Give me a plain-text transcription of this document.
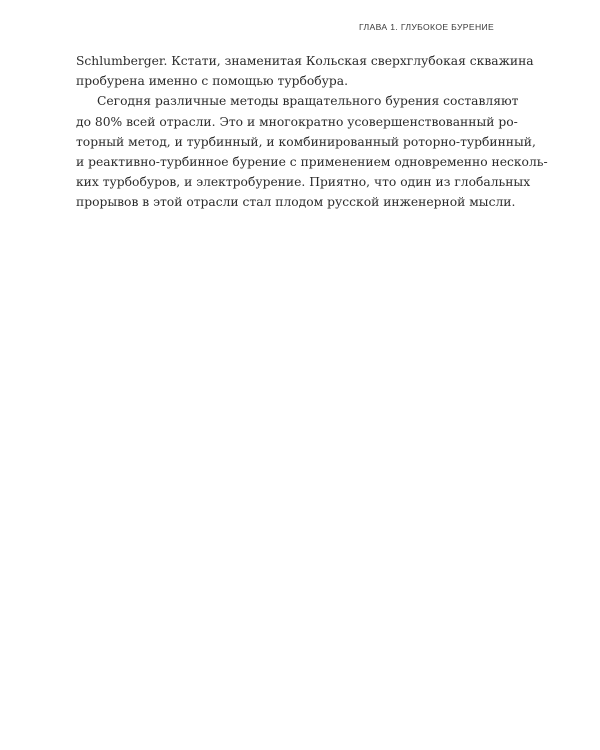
ГЛАВА 1. ГЛУБОКОЕ БУРЕНИЕ

Schlumberger. Кстати, знаменитая Кольская сверхглубокая скважина
пробурена именно с помощью турбобура.

Сегодня различные методы вращательного бурения составляют
до 80% всей отрасли. Это и многократно усовершенствованный ро-
торный метод, и турбинный, и комбинированный роторно-турбинный,
и реактивно-турбинное бурение с применением одновременно несколь-
ких турбобуров, и электробурение. Приятно, что один из глобальных
прорывов в этой отрасли стал плодом русской инженерной мысли.
